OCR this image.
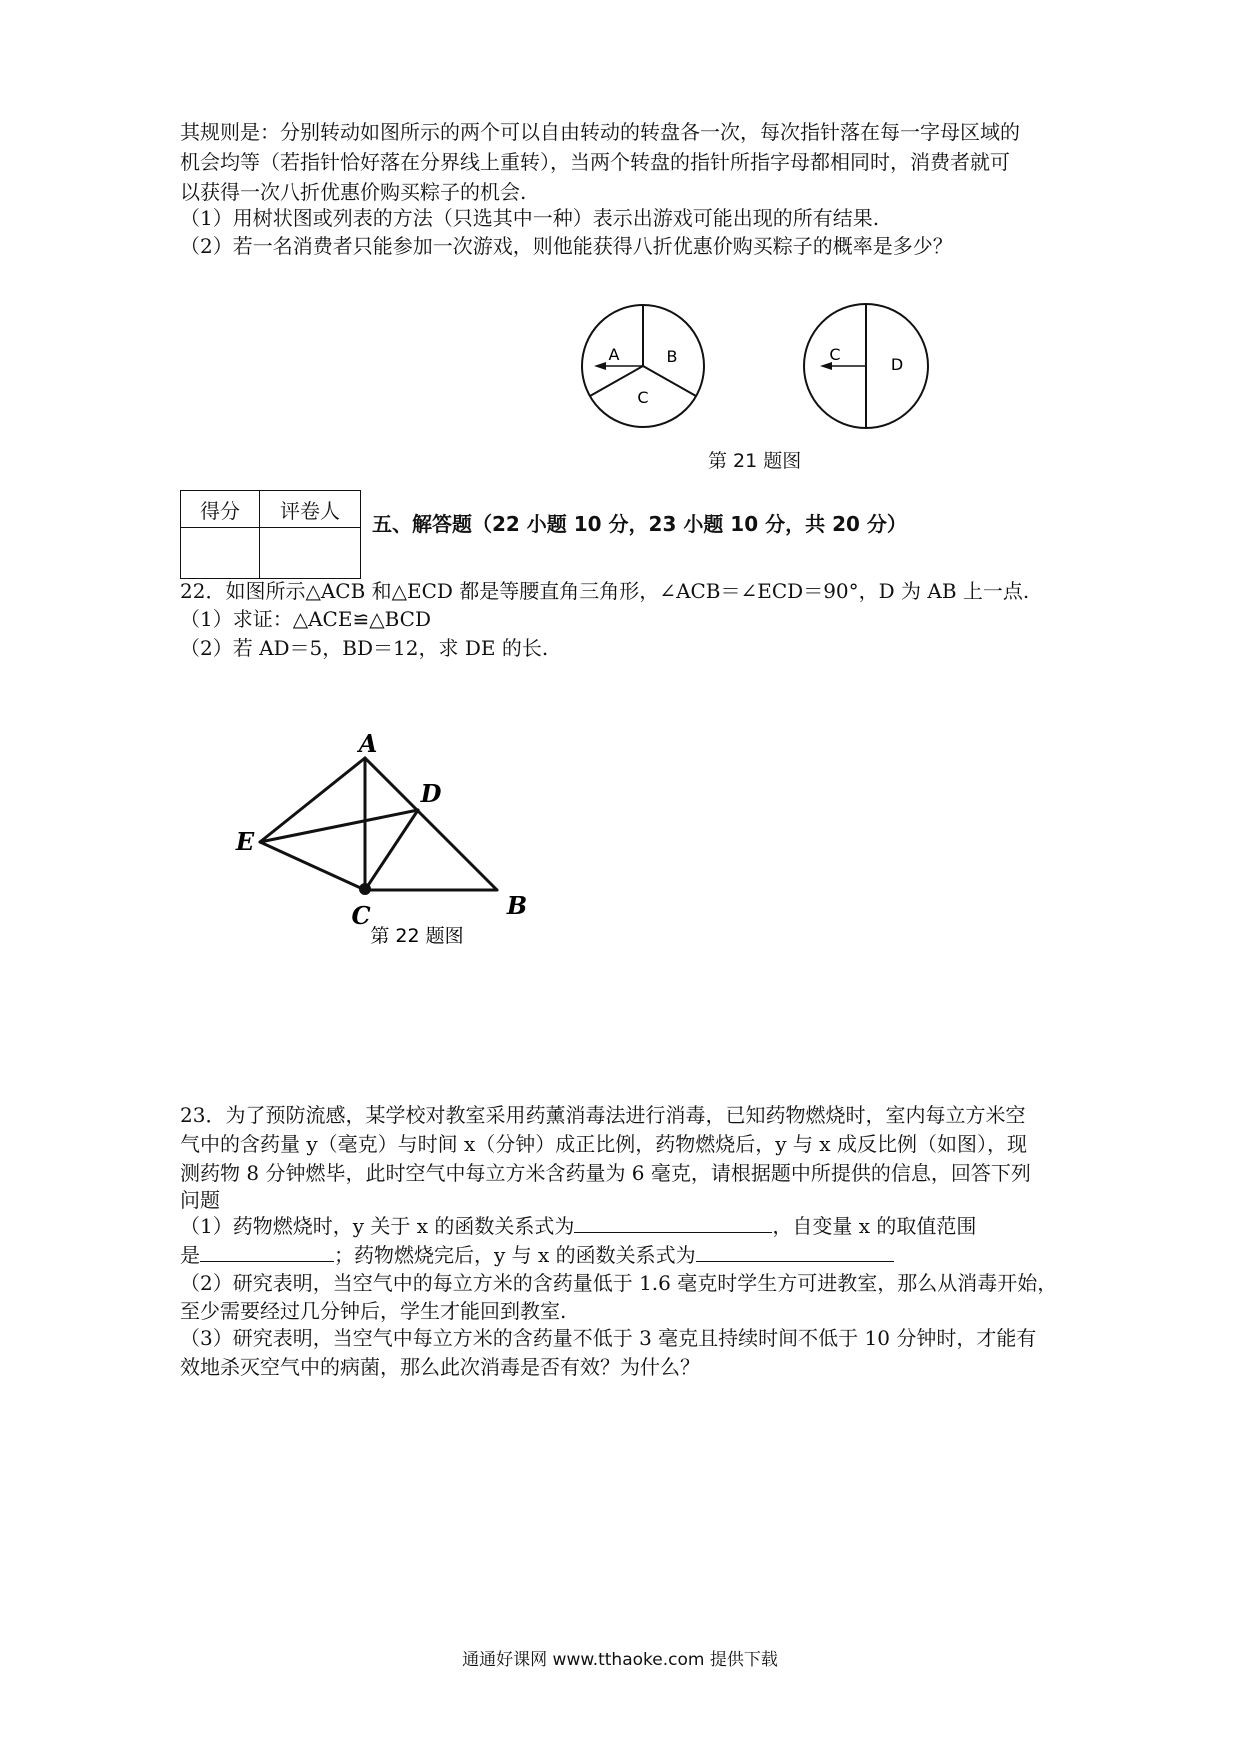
其规则是：分别转动如图所示的两个可以自由转动的转盘各一次，每次指针落在每一字母区域的
机会均等（若指针恰好落在分界线上重转），当两个转盘的指针所指字母都相同时，消费者就可
以获得一次八折优惠价购买粽子的机会.
（1）用树状图或列表的方法（只选其中一种）表示出游戏可能出现的所有结果.
（2）若一名消费者只能参加一次游戏，则他能获得八折优惠价购买粽子的概率是多少？
A	B
C
C
D
第 21 题图
得分	评卷人

五、解答题（22 小题 10 分，23 小题 10 分，共 20 分）
22．如图所示△ACB 和△ECD 都是等腰直角三角形，∠ACB＝∠ECD＝90°，D 为 AB 上一点.
（1）求证：△ACE≌△BCD
（2）若 AD＝5，BD＝12，求 DE 的长.
A
D
E
C	B
第 22 题图
23．为了预防流感，某学校对教室采用药薰消毒法进行消毒，已知药物燃烧时，室内每立方米空
气中的含药量 y（毫克）与时间 x（分钟）成正比例，药物燃烧后，y 与 x 成反比例（如图），现
测药物 8 分钟燃毕，此时空气中每立方米含药量为 6 毫克，请根据题中所提供的信息，回答下列
问题
（1）药物燃烧时，y 关于 x 的函数关系式为	，自变量 x 的取值范围
是	；药物燃烧完后，y 与 x 的函数关系式为
（2）研究表明，当空气中的每立方米的含药量低于 1.6 毫克时学生方可进教室，那么从消毒开始，
至少需要经过几分钟后，学生才能回到教室.
（3）研究表明，当空气中每立方米的含药量不低于 3 毫克且持续时间不低于 10 分钟时，才能有
效地杀灭空气中的病菌，那么此次消毒是否有效？为什么？
通通好课网 www.tthaoke.com 提供下载
